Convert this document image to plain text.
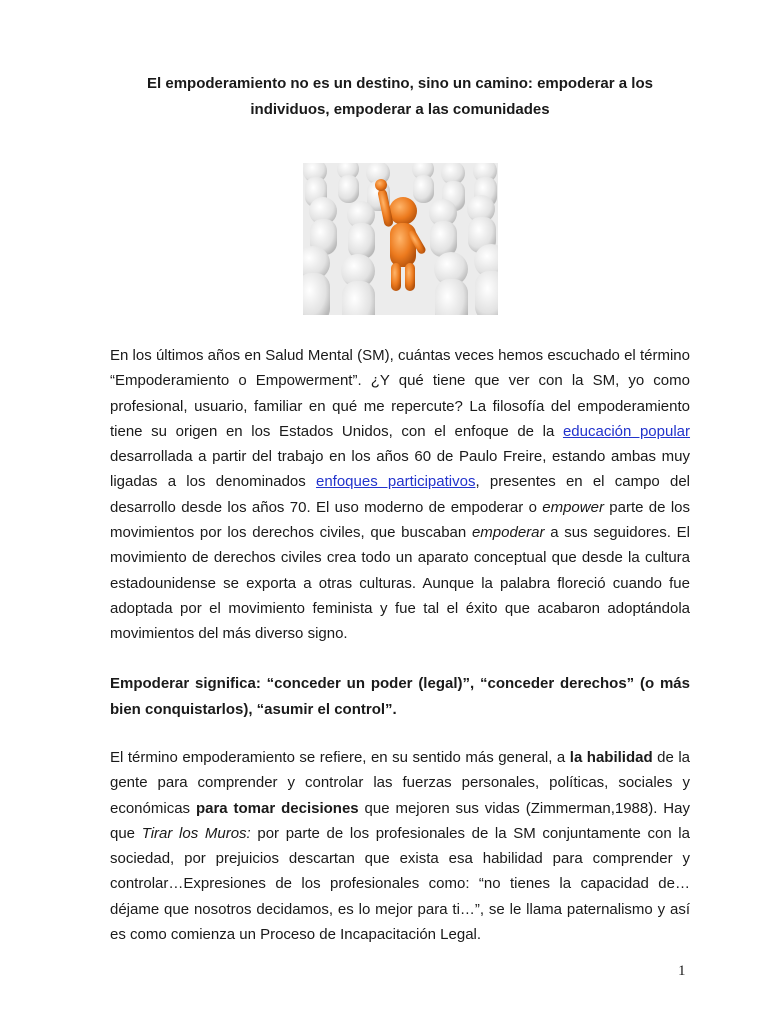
El empoderamiento no es un destino, sino un camino: empoderar a los
individuos, empoderar a las comunidades

En los últimos años en Salud Mental (SM), cuántas veces hemos escuchado el término “Empoderamiento o Empowerment”. ¿Y qué tiene que ver con la SM, yo como profesional, usuario, familiar en qué me repercute? La filosofía del empoderamiento tiene su origen en los Estados Unidos, con el enfoque de la educación popular desarrollada a partir del trabajo en los años 60 de Paulo Freire, estando ambas muy ligadas a los denominados enfoques participativos, presentes en el campo del desarrollo desde los años 70. El uso moderno de empoderar o empower parte de los movimientos por los derechos civiles, que buscaban empoderar a sus seguidores. El movimiento de derechos civiles crea todo un aparato conceptual que desde la cultura estadounidense se exporta a otras culturas. Aunque la palabra floreció cuando fue adoptada por el movimiento feminista y fue tal el éxito que acabaron adoptándola movimientos del más diverso signo.

Empoderar significa: “conceder un poder (legal)”, “conceder derechos” (o más bien conquistarlos), “asumir el control”.

El término empoderamiento se refiere, en su sentido más general, a la habilidad de la gente para comprender y controlar las fuerzas personales, políticas, sociales y económicas para tomar decisiones que mejoren sus vidas (Zimmerman,1988). Hay que Tirar los Muros: por parte de los profesionales de la SM conjuntamente con la sociedad, por prejuicios descartan que exista esa habilidad para comprender y controlar…Expresiones de los profesionales como: “no tienes la capacidad de…déjame que nosotros decidamos, es lo mejor para ti…”, se le llama paternalismo y así es como comienza un Proceso de Incapacitación Legal.

1
